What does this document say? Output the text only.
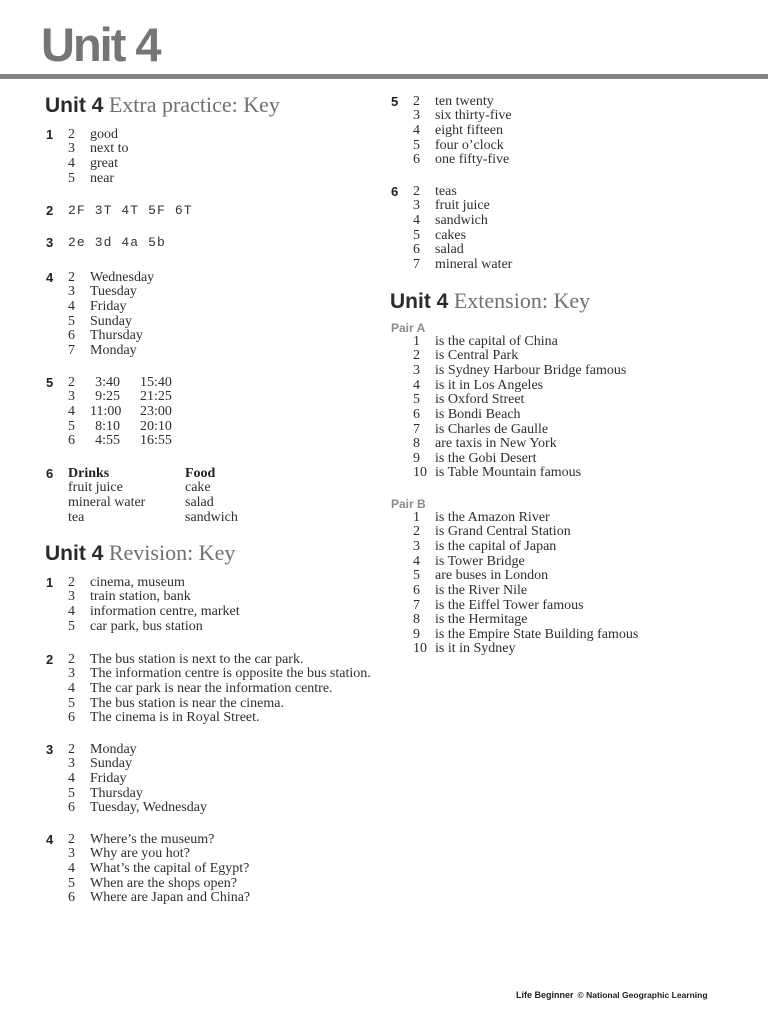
Unit 4
Unit 4 Extra practice: Key
1 2	good
3	next to
4	great
5	near
2 2F 3T 4T 5F 6T
3 2e 3d 4a 5b
4 2	Wednesday
3	Tuesday
4	Friday
5	Sunday
6	Thursday
7	Monday
5 2	3:40 15:40
3	9:25 21:25
4	11:00 23:00
5	8:10 20:10
6	4:55 16:55
6 Drinks	Food
fruit juice	cake
mineral water	salad
tea	sandwich
Unit 4 Revision: Key
1 2	cinema, museum
3	train station, bank
4	information centre, market
5	car park, bus station
2 2	The bus station is next to the car park.
3	The information centre is opposite the bus station.
4	The car park is near the information centre.
5	The bus station is near the cinema.
6	The cinema is in Royal Street.
3 2	Monday
3	Sunday
4	Friday
5	Thursday
6	Tuesday, Wednesday
4 2	Where’s the museum?
3	Why are you hot?
4	What’s the capital of Egypt?
5	When are the shops open?
6	Where are Japan and China?
5 2	ten twenty
3	six thirty-five
4	eight fifteen
5	four o’clock
6	one fifty-five
6 2	teas
3	fruit juice
4	sandwich
5	cakes
6	salad
7	mineral water
Unit 4 Extension: Key
Pair A
1	is the capital of China
2	is Central Park
3	is Sydney Harbour Bridge famous
4	is it in Los Angeles
5	is Oxford Street
6	is Bondi Beach
7	is Charles de Gaulle
8	are taxis in New York
9	is the Gobi Desert
10 is Table Mountain famous
Pair B
1	is the Amazon River
2	is Grand Central Station
3	is the capital of Japan
4	is Tower Bridge
5	are buses in London
6	is the River Nile
7	is the Eiffel Tower famous
8	is the Hermitage
9	is the Empire State Building famous
10 is it in Sydney
Life Beginner © National Geographic Learning
